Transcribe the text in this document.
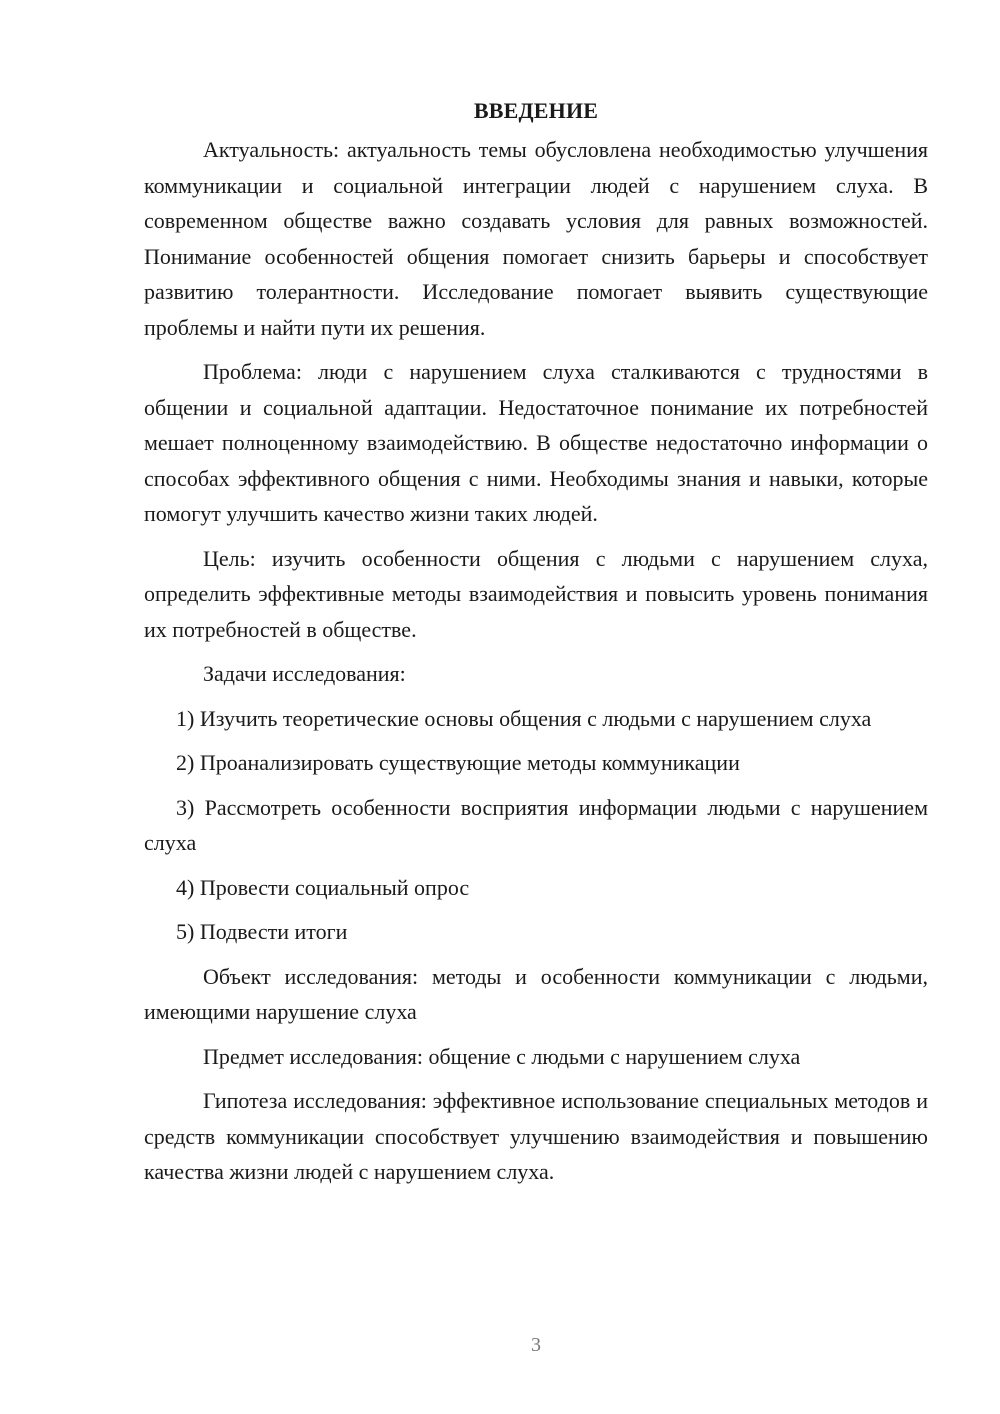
ВВЕДЕНИЕ

Актуальность: актуальность темы обусловлена необходимостью улучшения коммуникации и социальной интеграции людей с нарушением слуха. В современном обществе важно создавать условия для равных возможностей. Понимание особенностей общения помогает снизить барьеры и способствует развитию толерантности. Исследование помогает выявить существующие проблемы и найти пути их решения.

Проблема: люди с нарушением слуха сталкиваются с трудностями в общении и социальной адаптации. Недостаточное понимание их потребностей мешает полноценному взаимодействию. В обществе недостаточно информации о способах эффективного общения с ними. Необходимы знания и навыки, которые помогут улучшить качество жизни таких людей.

Цель: изучить особенности общения с людьми с нарушением слуха, определить эффективные методы взаимодействия и повысить уровень понимания их потребностей в обществе.

Задачи исследования:

1) Изучить теоретические основы общения с людьми с нарушением слуха

2) Проанализировать существующие методы коммуникации

3) Рассмотреть особенности восприятия информации людьми с нарушением слуха

4) Провести социальный опрос

5) Подвести итоги

Объект исследования: методы и особенности коммуникации с людьми, имеющими нарушение слуха

Предмет исследования: общение с людьми с нарушением слуха

Гипотеза исследования: эффективное использование специальных методов и средств коммуникации способствует улучшению взаимодействия и повышению качества жизни людей с нарушением слуха.

3
